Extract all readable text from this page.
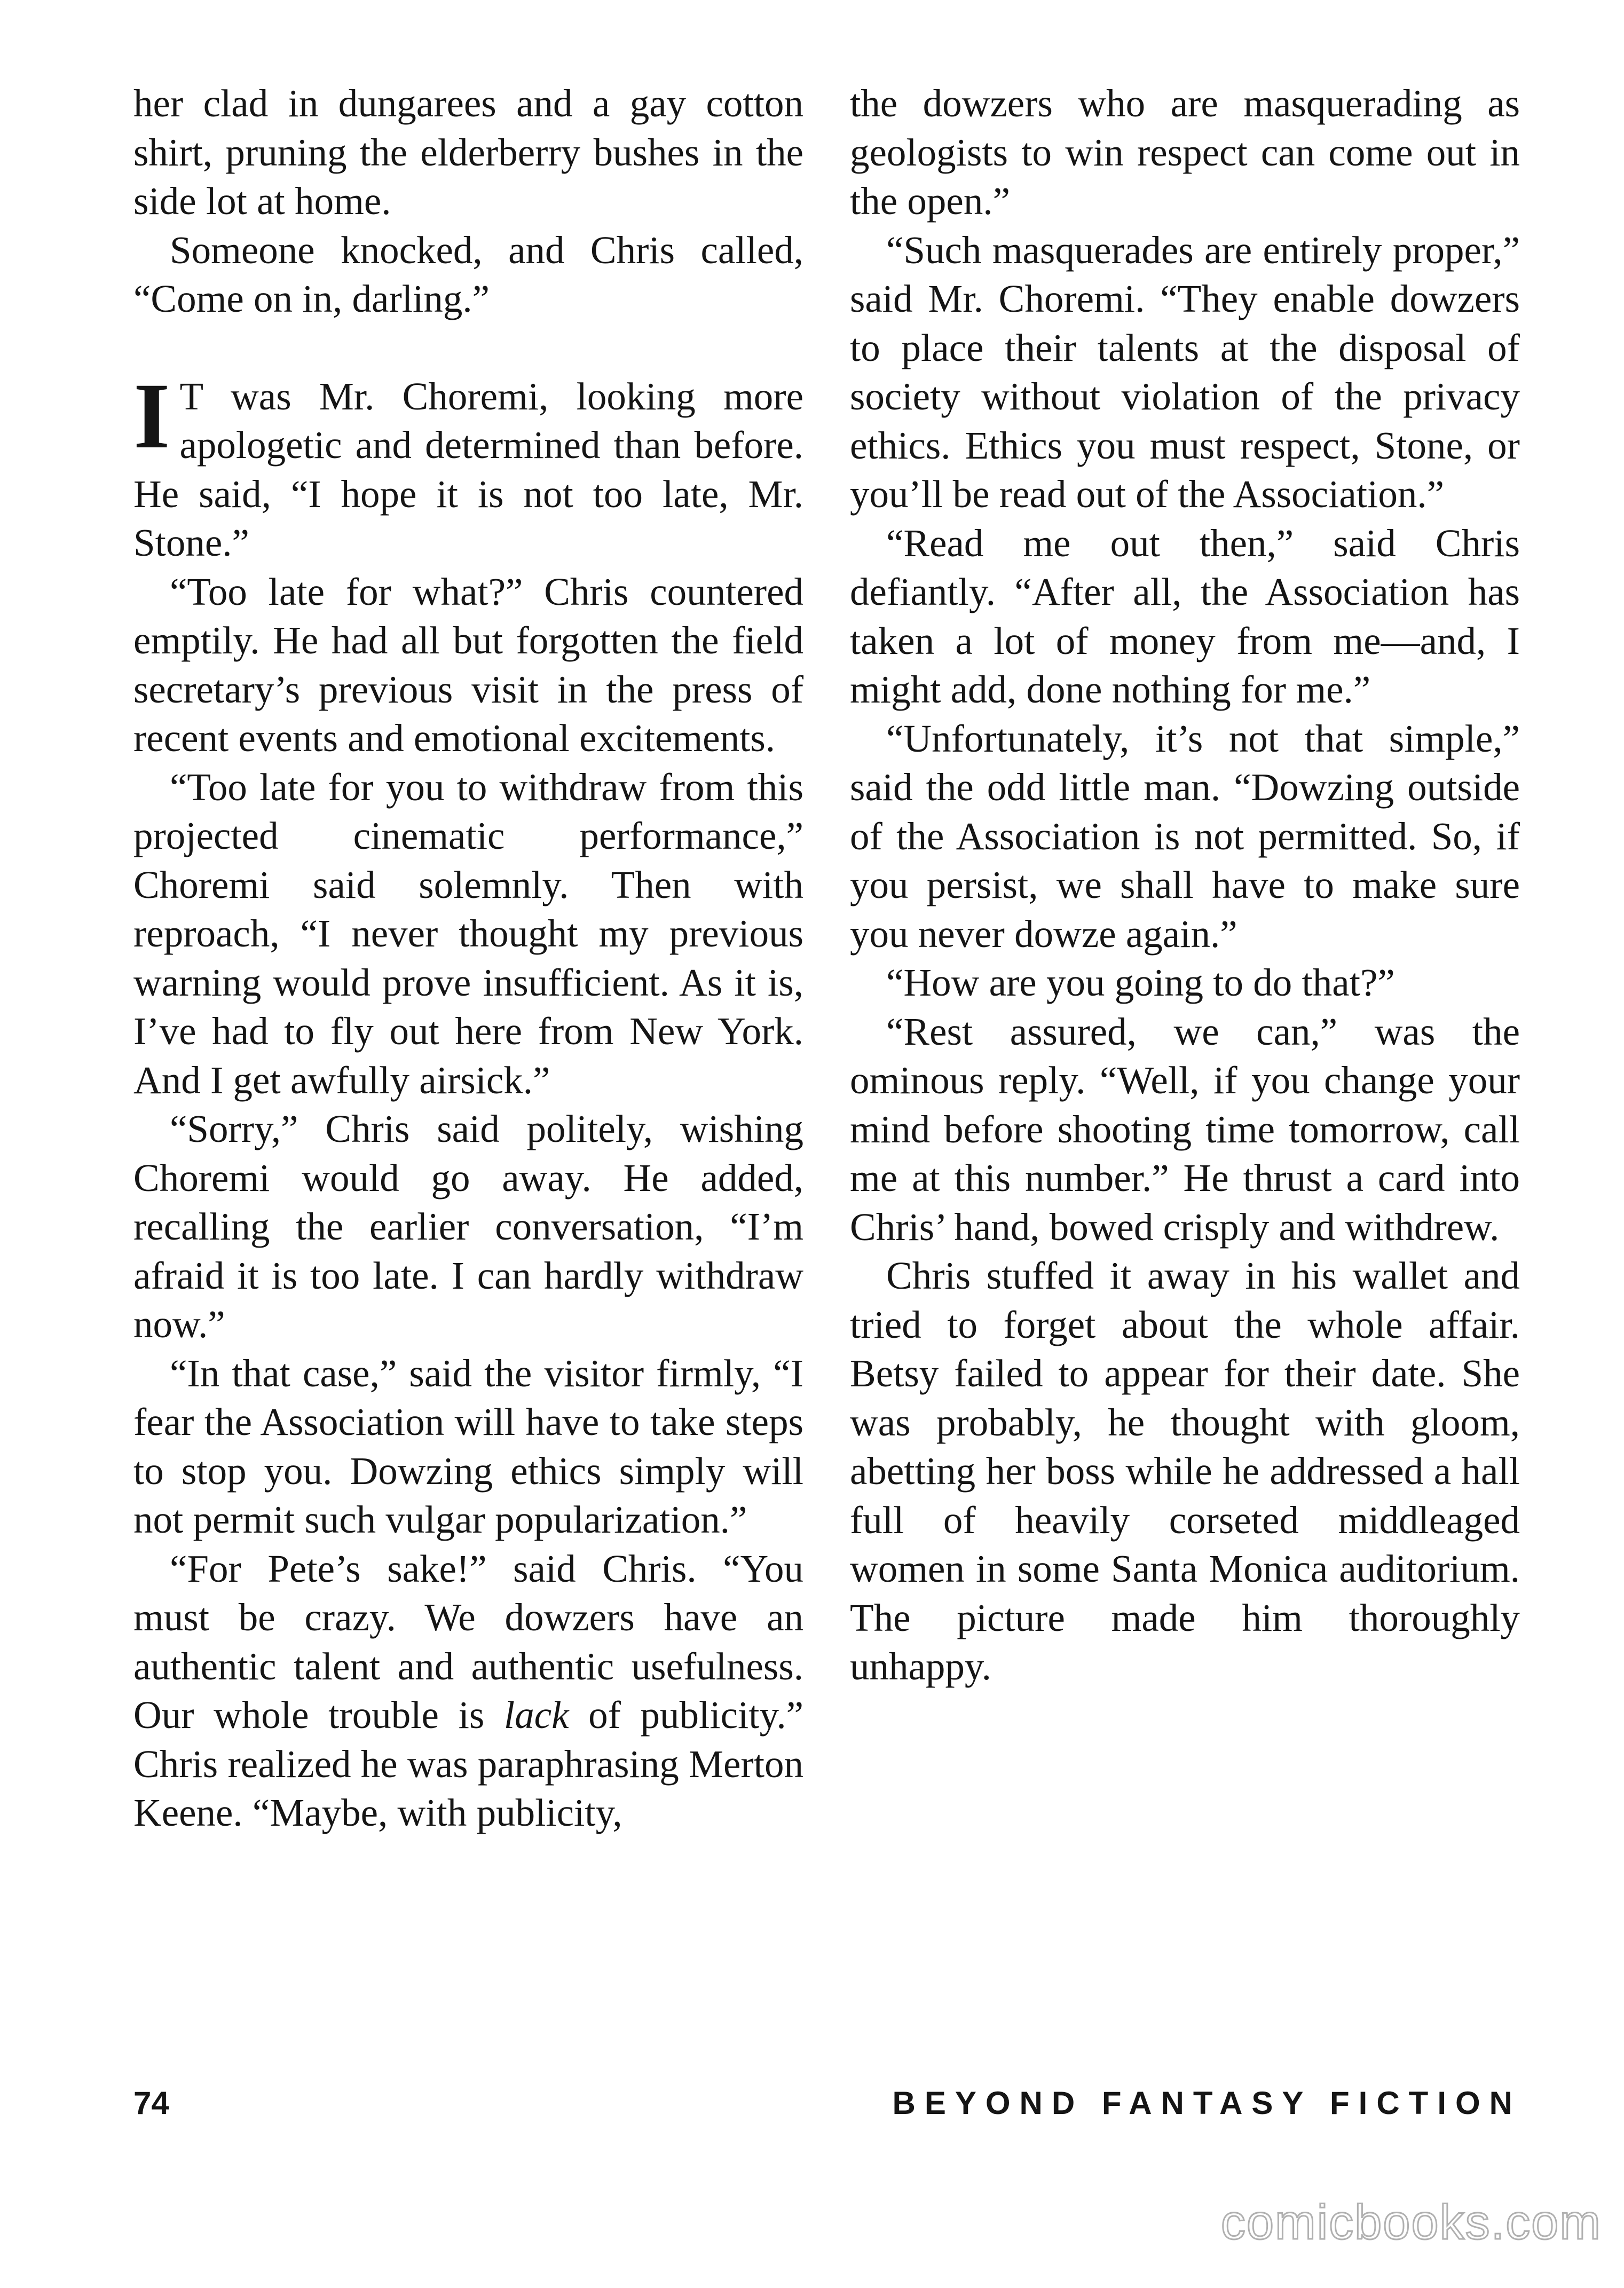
her clad in dungarees and a gay cotton shirt, pruning the elderberry bushes in the side lot at home.

Someone knocked, and Chris called, “Come on in, darling.”

I T was Mr. Choremi, looking more apologetic and determined than before. He said, “I hope it is not too late, Mr. Stone.”

“Too late for what?” Chris countered emptily. He had all but forgotten the field secretary’s previous visit in the press of recent events and emotional excitements.

“Too late for you to withdraw from this projected cinematic performance,” Choremi said solemnly. Then with reproach, “I never thought my previous warning would prove insufficient. As it is, I’ve had to fly out here from New York. And I get awfully airsick.”

“Sorry,” Chris said politely, wishing Choremi would go away. He added, recalling the earlier conversation, “I’m afraid it is too late. I can hardly withdraw now.”

“In that case,” said the visitor firmly, “I fear the Association will have to take steps to stop you. Dowzing ethics simply will not permit such vulgar popularization.”

“For Pete’s sake!” said Chris. “You must be crazy. We dowzers have an authentic talent and authentic usefulness. Our whole trouble is lack of publicity.” Chris realized he was paraphrasing Merton Keene. “Maybe, with publicity,

the dowzers who are masquerading as geologists to win respect can come out in the open.”

“Such masquerades are entirely proper,” said Mr. Choremi. “They enable dowzers to place their talents at the disposal of society without violation of the privacy ethics. Ethics you must respect, Stone, or you’ll be read out of the Association.”

“Read me out then,” said Chris defiantly. “After all, the Association has taken a lot of money from me—and, I might add, done nothing for me.”

“Unfortunately, it’s not that simple,” said the odd little man. “Dowzing outside of the Association is not permitted. So, if you persist, we shall have to make sure you never dowze again.”

“How are you going to do that?”

“Rest assured, we can,” was the ominous reply. “Well, if you change your mind before shooting time tomorrow, call me at this number.” He thrust a card into Chris’ hand, bowed crisply and withdrew.

Chris stuffed it away in his wallet and tried to forget about the whole affair. Betsy failed to appear for their date. She was probably, he thought with gloom, abetting her boss while he addressed a hall full of heavily corseted middleaged women in some Santa Monica auditorium. The picture made him thoroughly unhappy.

74	BEYOND FANTASY FICTION
comicbooks.com
